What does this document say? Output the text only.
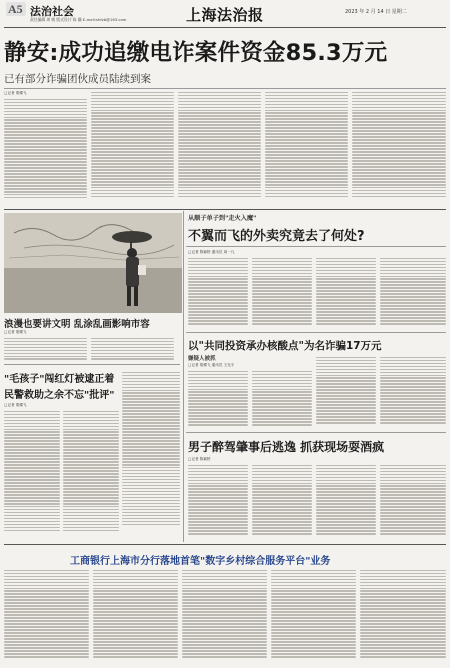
A5 法治社会
责任编辑 周 敏 版式设计 陈 骥 E-mail:shfzb@163.com	上海法治报	2023 年 2 月 14 日 星期二
静安:成功追缴电诈案件资金85.3万元
已有部分诈骗团伙成员陆续到案
□记者 胡蝶飞
浪漫也要讲文明 乱涂乱画影响市容
□记者 胡蝶飞
"毛孩子"闯红灯被逮正着
民警救助之余不忘"批评"
□记者 胡蝶飞
从顺子单子到"走火入魔"
不翼而飞的外卖究竟去了何处?
□记者 陈颖婷 通讯员 周一凡
以"共同投资承办核酸点"为名诈骗17万元
嫌疑人被抓
□记者 胡蝶飞 通讯员 王光宇
男子醉驾肇事后逃逸 抓获现场耍酒疯
□记者 陈颖婷
工商银行上海市分行落地首笔"数字乡村综合服务平台"业务
